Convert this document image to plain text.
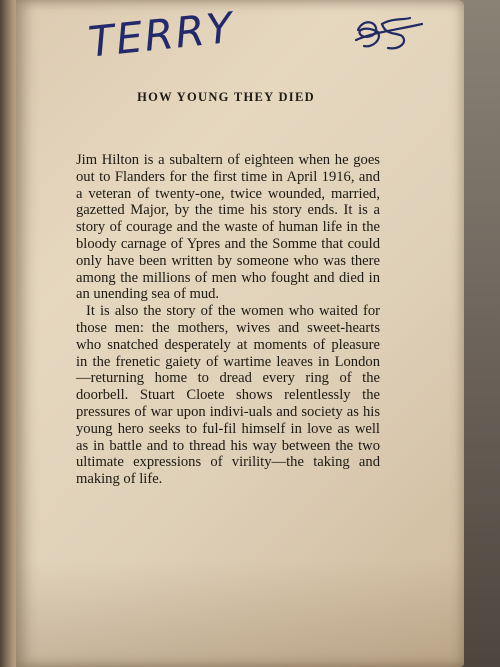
TERRY	85
HOW YOUNG THEY DIED

Jim Hilton is a subaltern of eighteen when he goes out to Flanders for the first time in April 1916, and a veteran of twenty-one, twice wounded, married, gazetted Major, by the time his story ends. It is a story of courage and the waste of human life in the bloody carnage of Ypres and the Somme that could only have been written by someone who was there among the millions of men who fought and died in an unending sea of mud.

It is also the story of the women who waited for those men: the mothers, wives and sweet-hearts who snatched desperately at moments of pleasure in the frenetic gaiety of wartime leaves in London—returning home to dread every ring of the doorbell. Stuart Cloete shows relentlessly the pressures of war upon indivi-uals and society as his young hero seeks to ful-fil himself in love as well as in battle and to thread his way between the two ultimate expressions of virility—the taking and making of life.
